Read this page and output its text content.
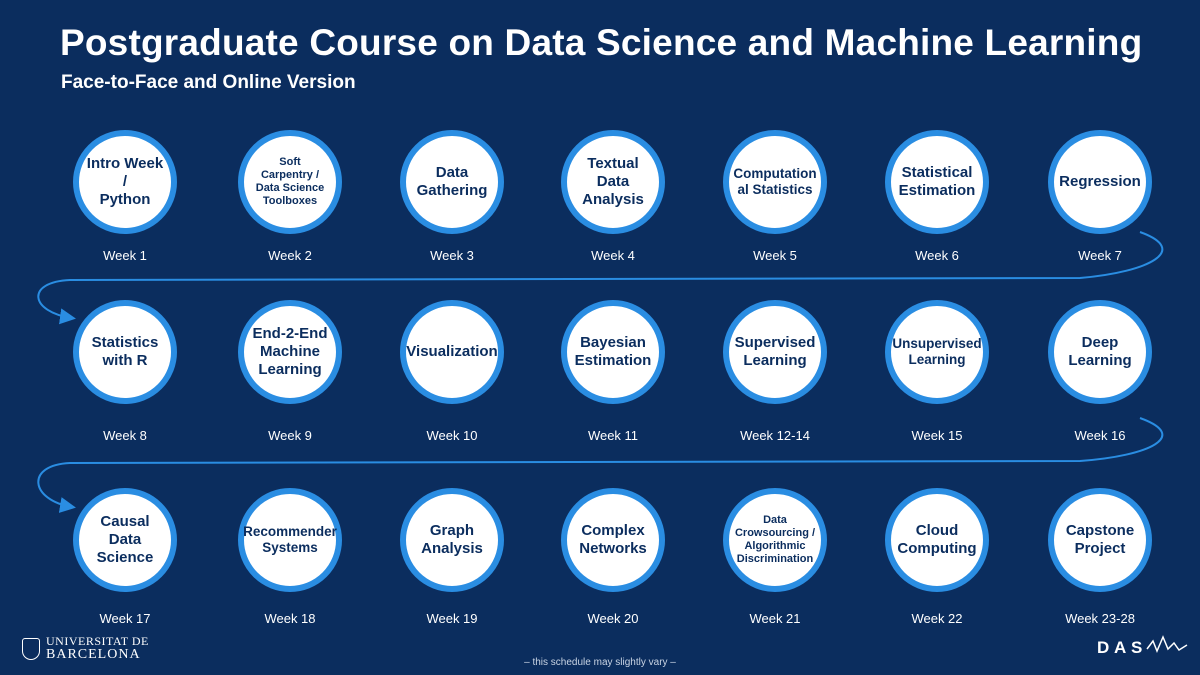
Postgraduate Course on Data Science and Machine Learning
Face-to-Face and Online Version
Intro Week /
Python
Week 1
Soft
Carpentry /
Data Science
Toolboxes
Week 2
Data
Gathering
Week 3
Textual
Data
Analysis
Week 4
Computation
al Statistics
Week 5
Statistical
Estimation
Week 6
Regression
Week 7
Statistics
with R
Week 8
End-2-End
Machine
Learning
Week 9
Visualization
Week 10
Bayesian
Estimation
Week 11
Supervised
Learning
Week 12-14
Unsupervised
Learning
Week 15
Deep
Learning
Week 16
Causal
Data Science
Week 17
Recommender
Systems
Week 18
Graph
Analysis
Week 19
Complex
Networks
Week 20
Data
Crowsourcing /
Algorithmic
Discrimination
Week 21
Cloud
Computing
Week 22
Capstone
Project
Week 23-28
UNIVERSITAT DE
BARCELONA
– this schedule may slightly vary –
D A S
